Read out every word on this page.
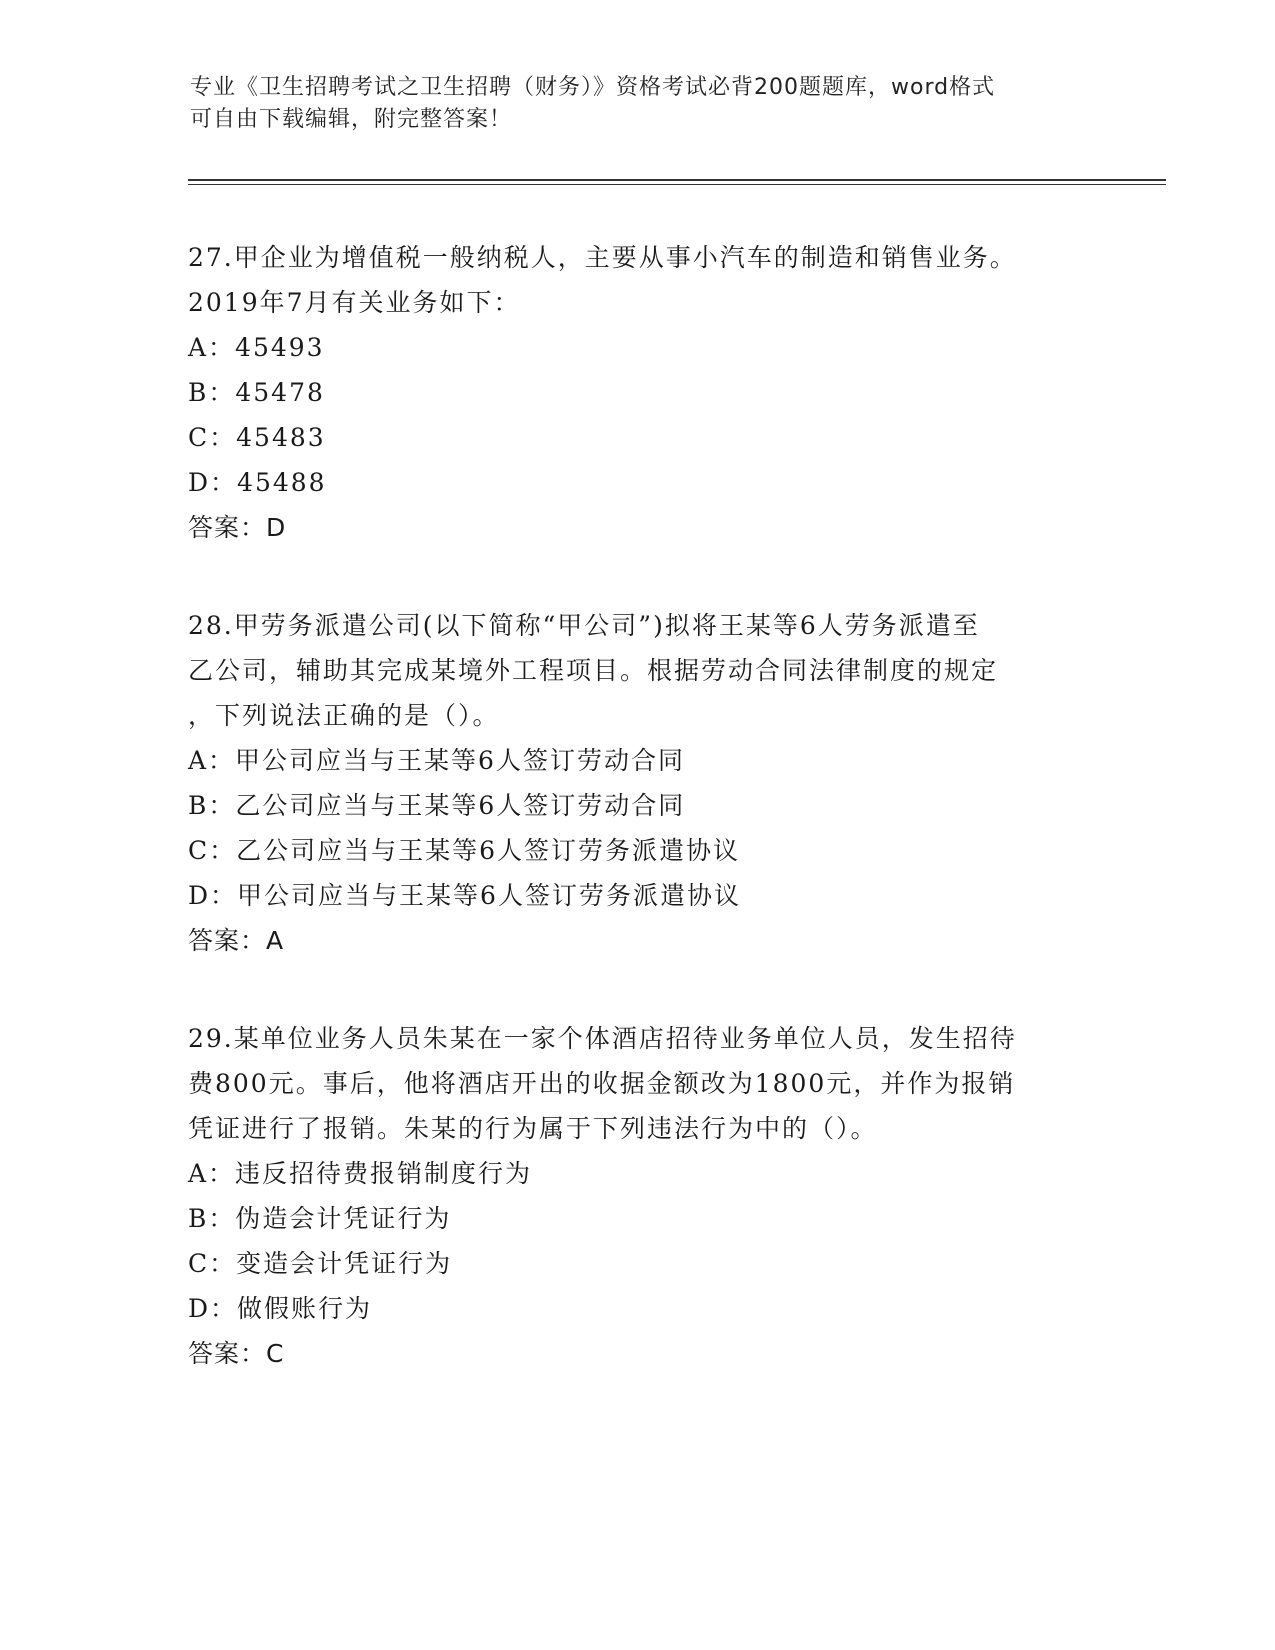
专业《卫生招聘考试之卫生招聘（财务）》资格考试必背200题题库，word格式
可自由下载编辑，附完整答案！

27.甲企业为增值税一般纳税人，主要从事小汽车的制造和销售业务。

2019年7月有关业务如下：

A：45493

B：45478

C：45483

D：45488

答案：D

28.甲劳务派遣公司(以下简称“甲公司”)拟将王某等6人劳务派遣至

乙公司，辅助其完成某境外工程项目。根据劳动合同法律制度的规定

，下列说法正确的是（）。

A：甲公司应当与王某等6人签订劳动合同

B：乙公司应当与王某等6人签订劳动合同

C：乙公司应当与王某等6人签订劳务派遣协议

D：甲公司应当与王某等6人签订劳务派遣协议

答案：A

29.某单位业务人员朱某在一家个体酒店招待业务单位人员，发生招待

费800元。事后，他将酒店开出的收据金额改为1800元，并作为报销

凭证进行了报销。朱某的行为属于下列违法行为中的（）。

A：违反招待费报销制度行为

B：伪造会计凭证行为

C：变造会计凭证行为

D：做假账行为

答案：C
